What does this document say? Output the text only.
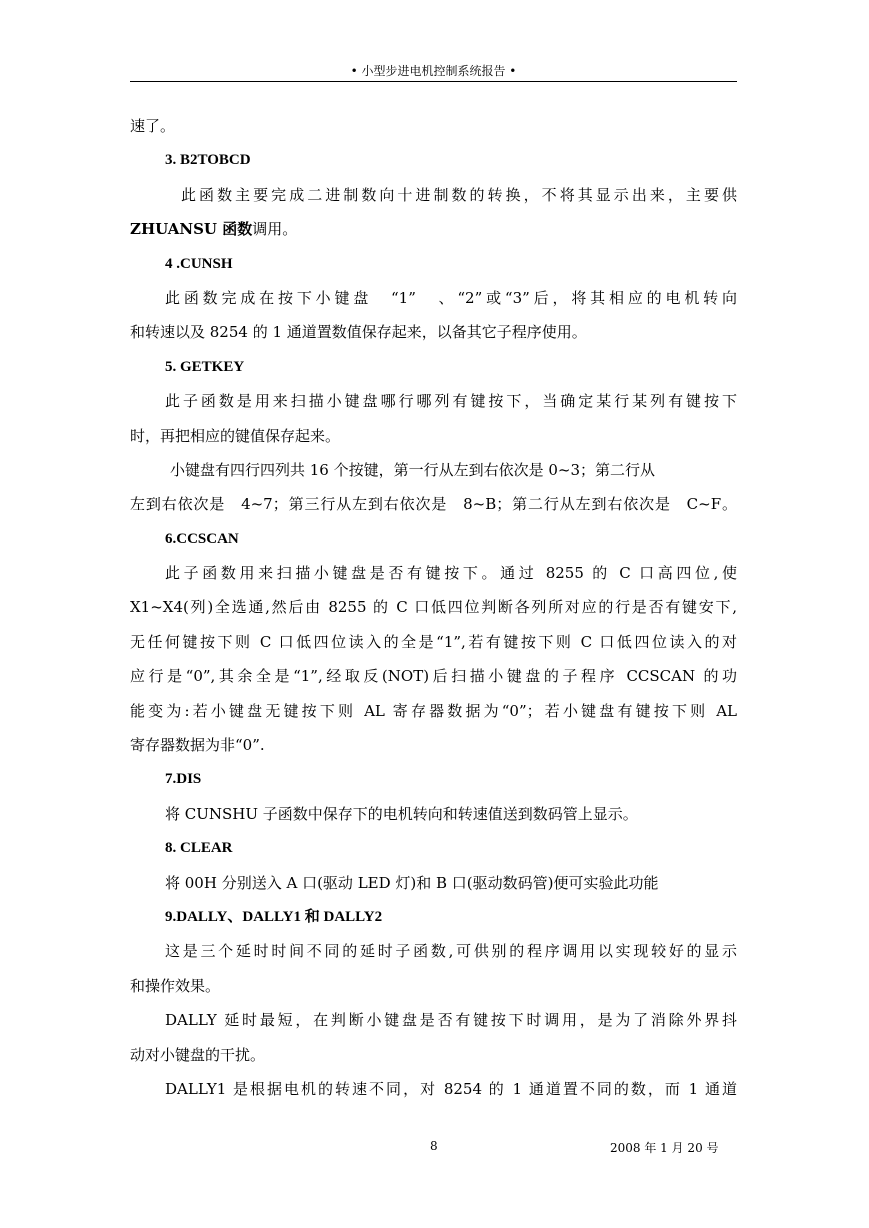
• 小型步进电机控制系统报告 •
速了。
3. B2TOBCD
此函数主要完成二进制数向十进制数的转换，不将其显示出来，主要供
ZHUANSU 函数调用。
4 .CUNSH
此函数完成在按下小键盘　“1”　、“2”或“3”后，将其相应的电机转向
和转速以及 8254 的 1 通道置数值保存起来，以备其它子程序使用。
5. GETKEY
此子函数是用来扫描小键盘哪行哪列有键按下，当确定某行某列有键按下
时，再把相应的键值保存起来。
小键盘有四行四列共 16 个按键，第一行从左到右依次是 0~3；第二行从
左到右依次是　4~7；第三行从左到右依次是　8~B；第二行从左到右依次是　C~F。
6.CCSCAN
此子函数用来扫描小键盘是否有键按下。通过 8255 的 C 口高四位,使
X1~X4(列)全选通,然后由 8255 的 C 口低四位判断各列所对应的行是否有键安下,
无任何键按下则 C 口低四位读入的全是“1”,若有键按下则 C 口低四位读入的对
应行是“0”,其余全是“1”,经取反(NOT)后扫描小键盘的子程序 CCSCAN 的功
能变为:若小键盘无键按下则 AL 寄存器数据为“0”；若小键盘有键按下则 AL
寄存器数据为非“0”.
7.DIS
将 CUNSHU 子函数中保存下的电机转向和转速值送到数码管上显示。
8. CLEAR
将 00H 分别送入 A 口(驱动 LED 灯)和 B 口(驱动数码管)便可实验此功能
9.DALLY、DALLY1 和 DALLY2
这是三个延时时间不同的延时子函数,可供别的程序调用以实现较好的显示
和操作效果。
DALLY 延时最短，在判断小键盘是否有键按下时调用，是为了消除外界抖
动对小键盘的干扰。
DALLY1 是根据电机的转速不同，对 8254 的 1 通道置不同的数，而 1 通道
8	2008 年 1 月 20 号
